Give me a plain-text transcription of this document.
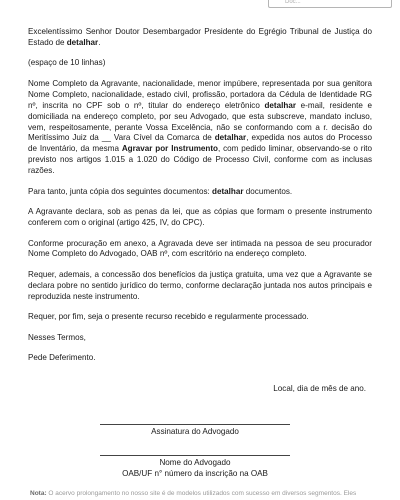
Doc...

Excelentíssimo Senhor Doutor Desembargador Presidente do Egrégio Tribunal de Justiça do Estado de detalhar.

(espaço de 10 linhas)

Nome Completo da Agravante, nacionalidade, menor impúbere, representada por sua genitora Nome Completo, nacionalidade, estado civil, profissão, portadora da Cédula de Identidade RG nº, inscrita no CPF sob o nº, titular do endereço eletrônico detalhar e-mail, residente e domiciliada na endereço completo, por seu Advogado, que esta subscreve, mandato incluso, vem, respeitosamente, perante Vossa Excelência, não se conformando com a r. decisão do Meritíssimo Juiz da __ Vara Cível da Comarca de detalhar, expedida nos autos do Processo de Inventário, da mesma Agravar por Instrumento, com pedido liminar, observando-se o rito previsto nos artigos 1.015 a 1.020 do Código de Processo Civil, conforme com as inclusas razões.

Para tanto, junta cópia dos seguintes documentos: detalhar documentos.

A Agravante declara, sob as penas da lei, que as cópias que formam o presente instrumento conferem com o original (artigo 425, IV, do CPC).

Conforme procuração em anexo, a Agravada deve ser intimada na pessoa de seu procurador Nome Completo do Advogado, OAB nº, com escritório na endereço completo.

Requer, ademais, a concessão dos benefícios da justiça gratuita, uma vez que a Agravante se declara pobre no sentido jurídico do termo, conforme declaração juntada nos autos principais e reproduzida neste instrumento.

Requer, por fim, seja o presente recurso recebido e regularmente processado.

Nesses Termos,

Pede Deferimento.

Local, dia de mês de ano.

Assinatura do Advogado
Nome do Advogado
OAB/UF n° número da inscrição na OAB
Nota: O acervo prolongamento no nosso site é de modelos utilizados com sucesso em diversos segmentos. Eles
